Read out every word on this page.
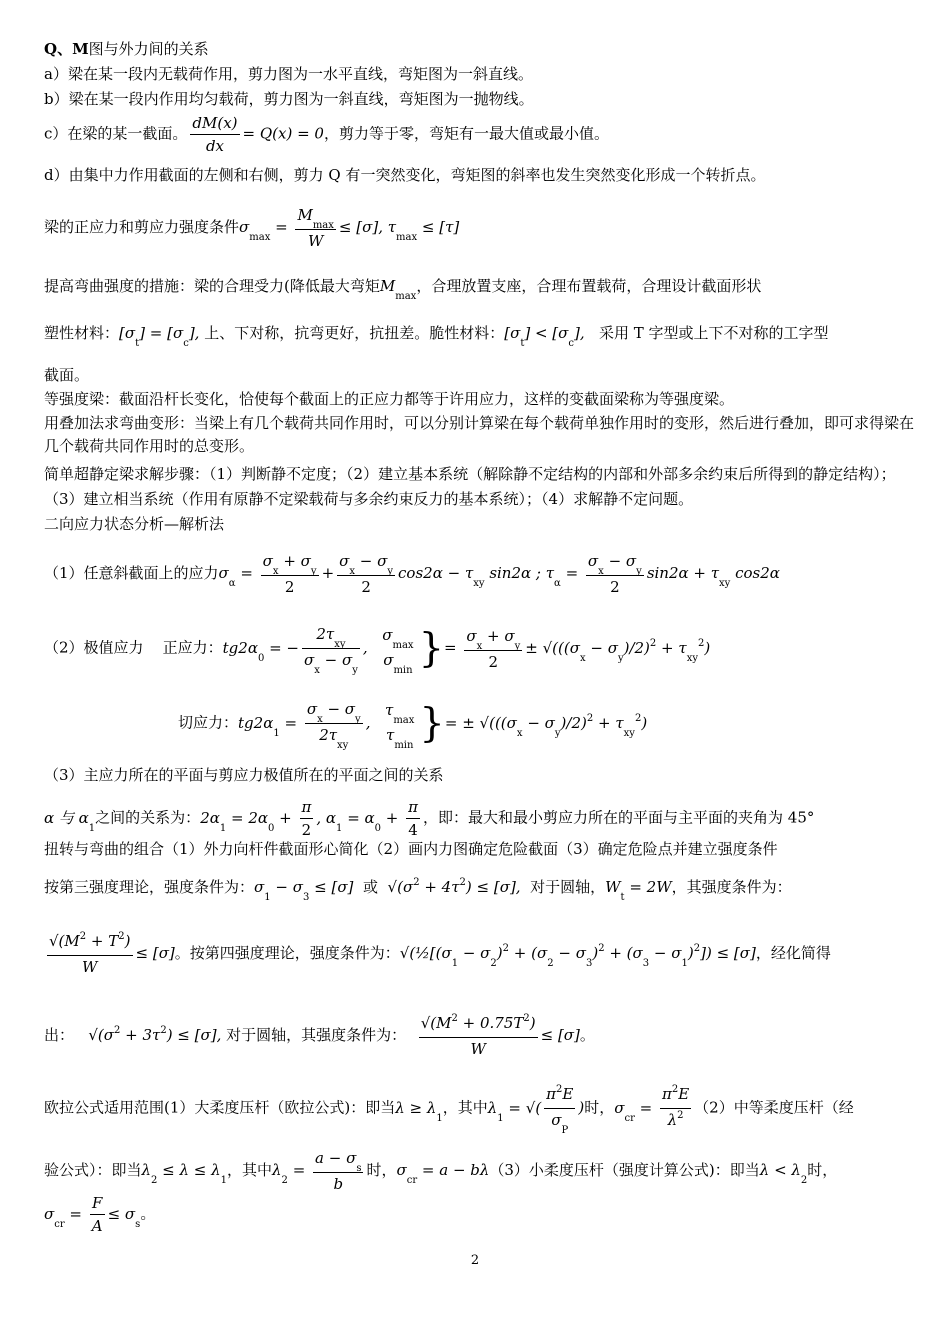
Q、M图与外力间的关系
a）梁在某一段内无载荷作用，剪力图为一水平直线，弯矩图为一斜直线。
b）梁在某一段内作用均匀载荷，剪力图为一斜直线，弯矩图为一抛物线。
c）在梁的某一截面。 $\frac{dM(x)}{dx} = Q(x) = 0$，剪力等于零，弯矩有一最大值或最小值。
d）由集中力作用截面的左侧和右侧，剪力 Q 有一突然变化，弯矩图的斜率也发生突然变化形成一个转折点。
梁的正应力和剪应力强度条件$\sigma_{max} = \frac{M_{max}}{W} \le [\sigma]$, $\tau_{max} \le [\tau]$
提高弯曲强度的措施：梁的合理受力(降低最大弯矩$M_{max}$，合理放置支座，合理布置载荷，合理设计截面形状
塑性材料：$[\sigma_t] = [\sigma_c]$, 上、下对称，抗弯更好，抗扭差。脆性材料：$[\sigma_t] < [\sigma_c]$,   采用 T 字型或上下不对称的工字型
截面。
等强度梁：截面沿杆长变化，恰使每个截面上的正应力都等于许用应力，这样的变截面梁称为等强度梁。
用叠加法求弯曲变形：当梁上有几个载荷共同作用时，可以分别计算梁在每个载荷单独作用时的变形，然后进行叠加，即可求得梁在几个载荷共同作用时的总变形。
简单超静定梁求解步骤：（1）判断静不定度；（2）建立基本系统（解除静不定结构的内部和外部多余约束后所得到的静定结构）；（3）建立相当系统（作用有原静不定梁载荷与多余约束反力的基本系统）；（4）求解静不定问题。
二向应力状态分析—解析法
（1）任意斜截面上的应力$\sigma_\alpha = \frac{\sigma_x + \sigma_y}{2} + \frac{\sigma_x - \sigma_y}{2} \cos 2\alpha - \tau_{xy}$ sin2α ; $\tau_\alpha = \frac{\sigma_x - \sigma_y}{2} \sin 2\alpha + \tau_{xy}$ cos2α
（2）极值应力 正应力：$tg2\alpha_0$ = − $\frac{2\tau_{xy}}{\sigma_x - \sigma_y}$ ,
$\sigma_{max}$
$\sigma_{min}$ }= $\frac{\sigma_x + \sigma_y}{2} \pm √(((\sigma_x - \sigma_y)/2)^2 + \tau_{xy}^2)$
切应力：$tg2\alpha_1 = \frac{\sigma_x - \sigma_y}{2\tau_{xy}}$ ,
$\tau_{max}$
$\tau_{min}$ }= ± $√(((\sigma_x - \sigma_y)/2)^2 + \tau_{xy}^2)$
（3）主应力所在的平面与剪应力极值所在的平面之间的关系
α 与 $\alpha_1$之间的关系为：$2\alpha_1 = 2\alpha_0 + \frac{\pi}{2}$ , $\alpha_1 = \alpha_0 + \frac{\pi}{4}$ ，即：最大和最小剪应力所在的平面与主平面的夹角为 45°
扭转与弯曲的组合（1）外力向杆件截面形心简化（2）画内力图确定危险截面（3）确定危险点并建立强度条件
按第三强度理论，强度条件为：$\sigma_1 - \sigma_3 \le [\sigma]$ 或 $√(\sigma^2 + 4\tau^2) \le [\sigma]$, 对于圆轴，$W_t = 2W$，其强度条件为：
$\frac{√(M^2 + T^2)}{W} \le [\sigma]$。按第四强度理论，强度条件为：$√(\frac{1}{2}[(\sigma_1 - \sigma_2)^2 + (\sigma_2 - \sigma_3)^2 + (\sigma_3 - \sigma_1)^2]) \le [\sigma]$，经化简得
出： $√(\sigma^2 + 3\tau^2) \le [\sigma]$, 对于圆轴，其强度条件为： $\frac{√(M^2 + 0.75T^2)}{W} \le [\sigma]$。
欧拉公式适用范围(1）大柔度压杆（欧拉公式)：即当$\lambda \ge \lambda_1$，其中$\lambda_1$ = √( $\frac{\pi^2E}{\sigma_P}$ )时，$\sigma_{cr} = \frac{\pi^2E}{\lambda^2} (2)$中等柔度压杆（经
验公式）：即当$\lambda_2 \le \lambda \le \lambda_1$，其中$\lambda_2 = \frac{a - \sigma_s}{b}$ 时，$\sigma_{cr} = a - b\lambda(3)$小柔度压杆（强度计算公式)：即当$\lambda < \lambda_2$时，
$\sigma_{cr} = \frac{F}{A} \le \sigma_s$。
2
